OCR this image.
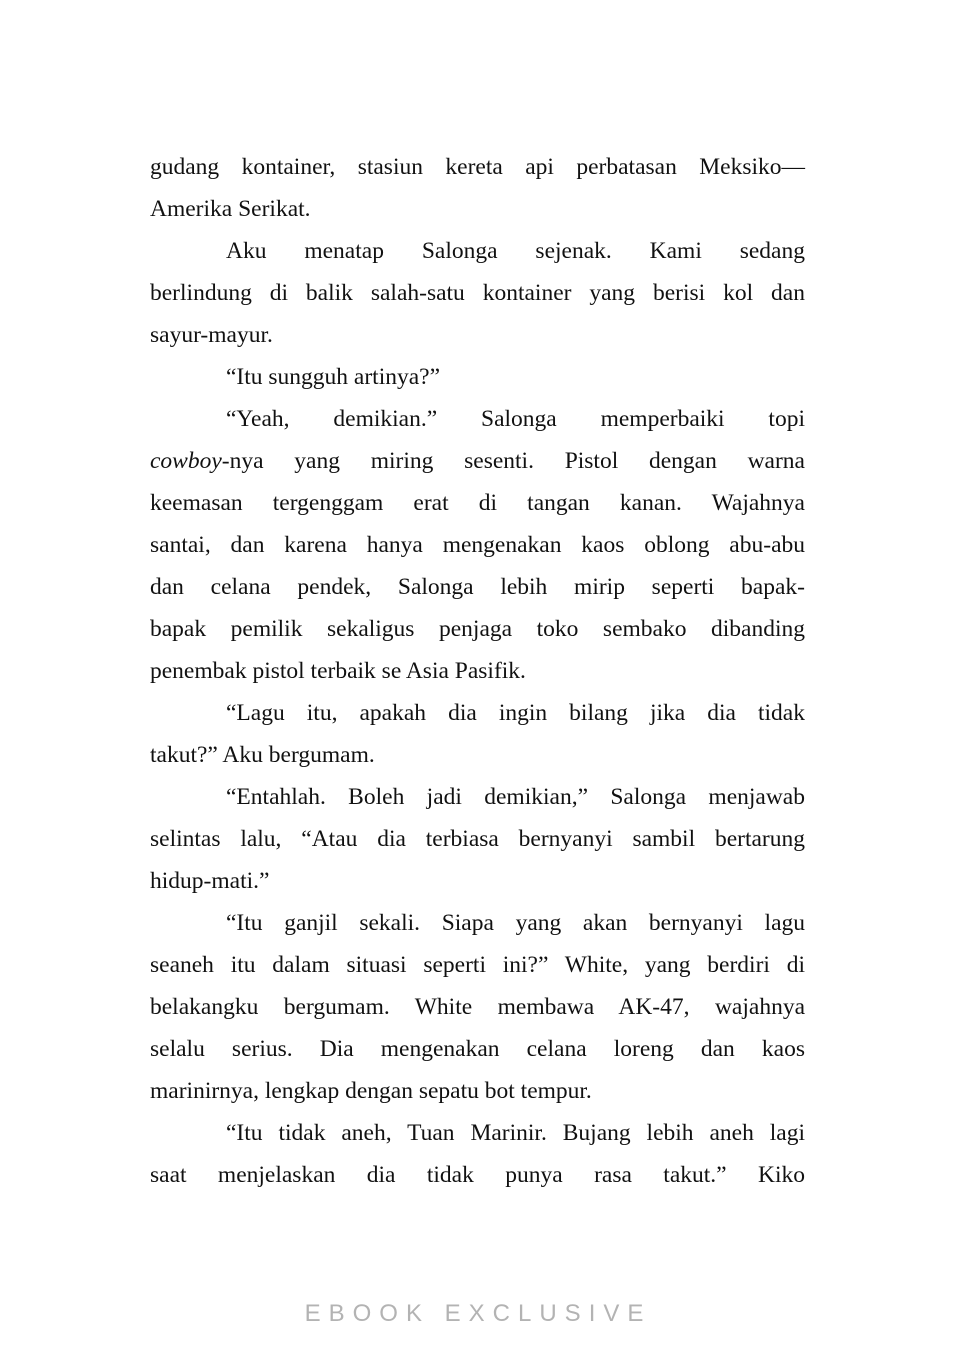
gudang kontainer, stasiun kereta api perbatasan Meksiko—
Amerika Serikat.
Aku menatap Salonga sejenak. Kami sedang
berlindung di balik salah-satu kontainer yang berisi kol dan
sayur-mayur.
“Itu sungguh artinya?”
“Yeah, demikian.” Salonga memperbaiki topi
cowboy-nya yang miring sesenti. Pistol dengan warna
keemasan tergenggam erat di tangan kanan. Wajahnya
santai, dan karena hanya mengenakan kaos oblong abu-abu
dan celana pendek, Salonga lebih mirip seperti bapak-
bapak pemilik sekaligus penjaga toko sembako dibanding
penembak pistol terbaik se Asia Pasifik.
“Lagu itu, apakah dia ingin bilang jika dia tidak
takut?” Aku bergumam.
“Entahlah. Boleh jadi demikian,” Salonga menjawab
selintas lalu, “Atau dia terbiasa bernyanyi sambil bertarung
hidup-mati.”
“Itu ganjil sekali. Siapa yang akan bernyanyi lagu
seaneh itu dalam situasi seperti ini?” White, yang berdiri di
belakangku bergumam. White membawa AK-47, wajahnya
selalu serius. Dia mengenakan celana loreng dan kaos
marinirnya, lengkap dengan sepatu bot tempur.
“Itu tidak aneh, Tuan Marinir. Bujang lebih aneh lagi
saat menjelaskan dia tidak punya rasa takut.” Kiko
EBOOK EXCLUSIVE
